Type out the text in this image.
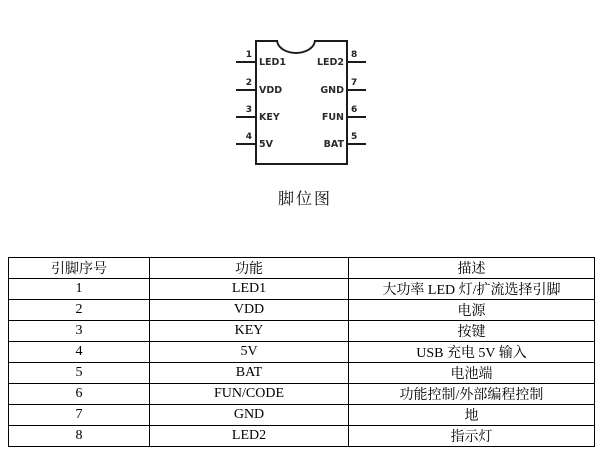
1
2
3
4
8
7
6
5
LED1
VDD
KEY
5V
LED2
GND
FUN
BAT
脚位图
引脚序号	功能	描述
1	LED1	大功率 LED 灯/扩流选择引脚
2	VDD	电源
3	KEY	按键
4	5V	USB 充电 5V 输入
5	BAT	电池端
6	FUN/CODE	功能控制/外部编程控制
7	GND	地
8	LED2	指示灯
